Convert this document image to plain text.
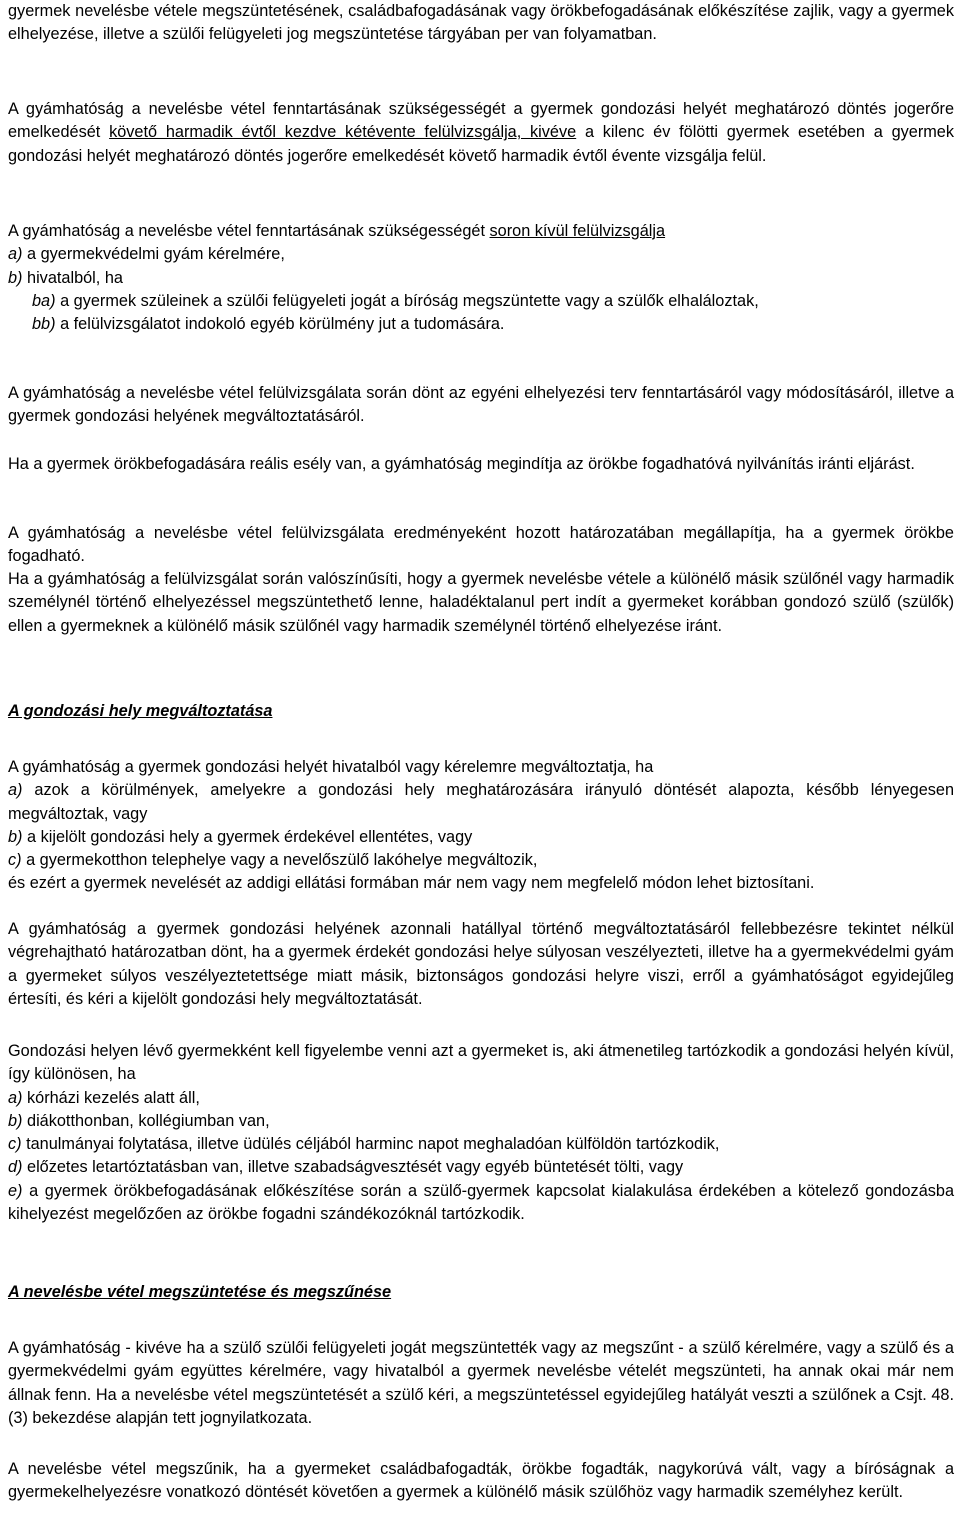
gyermek nevelésbe vétele megszüntetésének, családbafogadásának vagy örökbefogadásának előkészítése zajlik, vagy a gyermek elhelyezése, illetve a szülői felügyeleti jog megszüntetése tárgyában per van folyamatban.

A gyámhatóság a nevelésbe vétel fenntartásának szükségességét a gyermek gondozási helyét meghatározó döntés jogerőre emelkedését követő harmadik évtől kezdve kétévente felülvizsgálja, kivéve a kilenc év fölötti gyermek esetében a gyermek gondozási helyét meghatározó döntés jogerőre emelkedését követő harmadik évtől évente vizsgálja felül.

A gyámhatóság a nevelésbe vétel fenntartásának szükségességét soron kívül felülvizsgálja
a) a gyermekvédelmi gyám kérelmére,
b) hivatalból, ha
ba) a gyermek szüleinek a szülői felügyeleti jogát a bíróság megszüntette vagy a szülők elhaláloztak,
bb) a felülvizsgálatot indokoló egyéb körülmény jut a tudomására.

A gyámhatóság a nevelésbe vétel felülvizsgálata során dönt az egyéni elhelyezési terv fenntartásáról vagy módosításáról, illetve a gyermek gondozási helyének megváltoztatásáról.

Ha a gyermek örökbefogadására reális esély van, a gyámhatóság megindítja az örökbe fogadhatóvá nyilvánítás iránti eljárást.

A gyámhatóság a nevelésbe vétel felülvizsgálata eredményeként hozott határozatában megállapítja, ha a gyermek örökbe fogadható.

Ha a gyámhatóság a felülvizsgálat során valószínűsíti, hogy a gyermek nevelésbe vétele a különélő másik szülőnél vagy harmadik személynél történő elhelyezéssel megszüntethető lenne, haladéktalanul pert indít a gyermeket korábban gondozó szülő (szülők) ellen a gyermeknek a különélő másik szülőnél vagy harmadik személynél történő elhelyezése iránt.

A gondozási hely megváltoztatása

A gyámhatóság a gyermek gondozási helyét hivatalból vagy kérelemre megváltoztatja, ha
a) azok a körülmények, amelyekre a gondozási hely meghatározására irányuló döntését alapozta, később lényegesen megváltoztak, vagy
b) a kijelölt gondozási hely a gyermek érdekével ellentétes, vagy
c) a gyermekotthon telephelye vagy a nevelőszülő lakóhelye megváltozik,
és ezért a gyermek nevelését az addigi ellátási formában már nem vagy nem megfelelő módon lehet biztosítani.

A gyámhatóság a gyermek gondozási helyének azonnali hatállyal történő megváltoztatásáról fellebbezésre tekintet nélkül végrehajtható határozatban dönt, ha a gyermek érdekét gondozási helye súlyosan veszélyezteti, illetve ha a gyermekvédelmi gyám a gyermeket súlyos veszélyeztetettsége miatt másik, biztonságos gondozási helyre viszi, erről a gyámhatóságot egyidejűleg értesíti, és kéri a kijelölt gondozási hely megváltoztatását.

Gondozási helyen lévő gyermekként kell figyelembe venni azt a gyermeket is, aki átmenetileg tartózkodik a gondozási helyén kívül, így különösen, ha
a) kórházi kezelés alatt áll,
b) diákotthonban, kollégiumban van,
c) tanulmányai folytatása, illetve üdülés céljából harminc napot meghaladóan külföldön tartózkodik,
d) előzetes letartóztatásban van, illetve szabadságvesztését vagy egyéb büntetését tölti, vagy
e) a gyermek örökbefogadásának előkészítése során a szülő-gyermek kapcsolat kialakulása érdekében a kötelező gondozásba kihelyezést megelőzően az örökbe fogadni szándékozóknál tartózkodik.

A nevelésbe vétel megszüntetése és megszűnése

A gyámhatóság - kivéve ha a szülő szülői felügyeleti jogát megszüntették vagy az megszűnt - a szülő kérelmére, vagy a szülő és a gyermekvédelmi gyám együttes kérelmére, vagy hivatalból a gyermek nevelésbe vételét megszünteti, ha annak okai már nem állnak fenn. Ha a nevelésbe vétel megszüntetését a szülő kéri, a megszüntetéssel egyidejűleg hatályát veszti a szülőnek a Csjt. 48. (3) bekezdése alapján tett jognyilatkozata.

A nevelésbe vétel megszűnik, ha a gyermeket családbafogadták, örökbe fogadták, nagykorúvá vált, vagy a bíróságnak a gyermekelhelyezésre vonatkozó döntését követően a gyermek a különélő másik szülőhöz vagy harmadik személyhez került.
